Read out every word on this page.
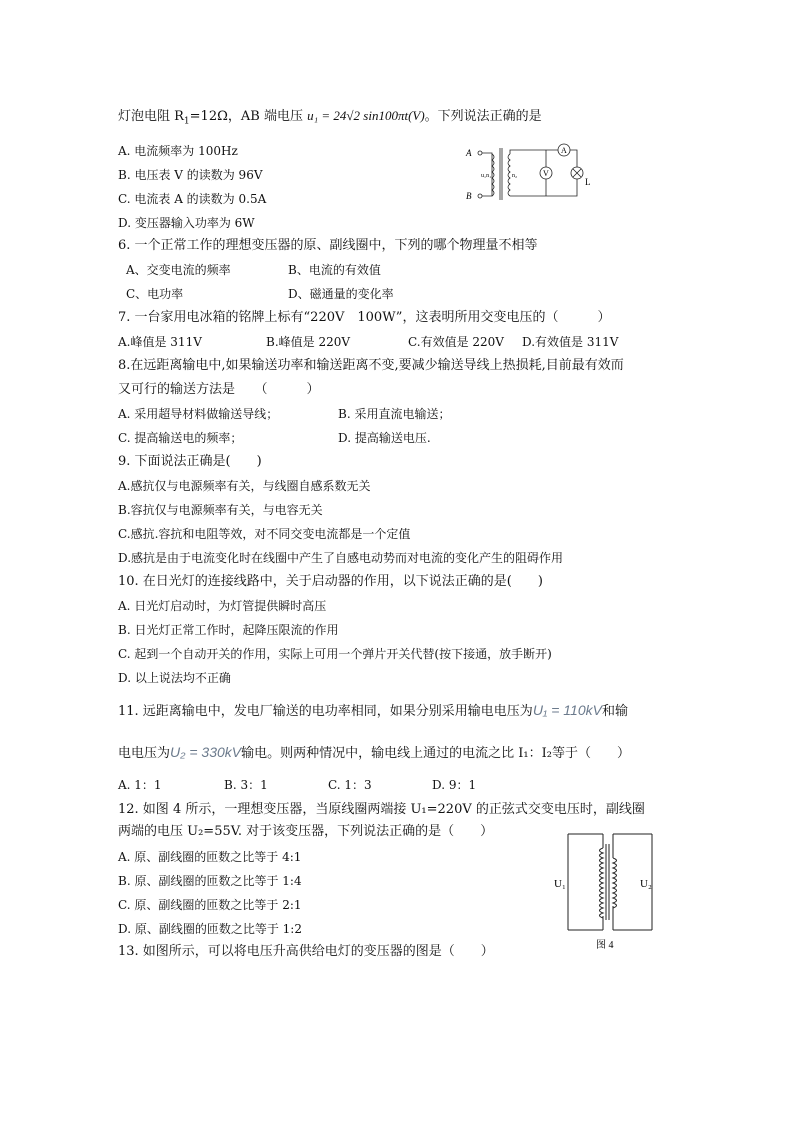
灯泡电阻 $R_1=12\Omega$，AB 端电压 u₁ = 24√2 sin100πt(V)。下列说法正确的是
A. 电流频率为 100Hz
B. 电压表 V 的读数为 96V
C. 电流表 A 的读数为 0.5A
D. 变压器输入功率为 6W
A
B
u₁n₁	n₂
A
V
L
6. 一个正常工作的理想变压器的原、副线圈中，下列的哪个物理量不相等
A、交变电流的频率	B、电流的有效值
C、电功率	D、磁通量的变化率
7. 一台家用电冰箱的铭牌上标有“220V　100W”，这表明所用交变电压的（　　　）
A.峰值是 311V	B.峰值是 220V	C.有效值是 220V D.有效值是 311V
8.在远距离输电中,如果输送功率和输送距离不变,要减少输送导线上热损耗,目前最有效而
又可行的输送方法是　　（　　　）
A. 采用超导材料做输送导线；	B. 采用直流电输送；
C. 提高输送电的频率；	D. 提高输送电压.
9. 下面说法正确是(　　)
A.感抗仅与电源频率有关，与线圈自感系数无关
B.容抗仅与电源频率有关，与电容无关
C.感抗.容抗和电阻等效，对不同交变电流都是一个定值
D.感抗是由于电流变化时在线圈中产生了自感电动势而对电流的变化产生的阻碍作用
10. 在日光灯的连接线路中，关于启动器的作用，以下说法正确的是(　　)
A. 日光灯启动时，为灯管提供瞬时高压
B. 日光灯正常工作时，起降压限流的作用
C. 起到一个自动开关的作用，实际上可用一个弹片开关代替(按下接通，放手断开)
D. 以上说法均不正确
11. 远距离输电中，发电厂输送的电功率相同，如果分别采用输电电压为U₁ = 110kV和输
电电压为U₂ = 330kV输电。则两种情况中，输电线上通过的电流之比 I₁：I₂等于（　　）
A. 1：1	B. 3：1	C. 1：3	D. 9：1
12. 如图 4 所示，一理想变压器，当原线圈两端接 U₁=220V 的正弦式交变电压时，副线圈
两端的电压 U₂=55V. 对于该变压器，下列说法正确的是（　　）
A. 原、副线圈的匝数之比等于 4:1
B. 原、副线圈的匝数之比等于 1:4
C. 原、副线圈的匝数之比等于 2:1
D. 原、副线圈的匝数之比等于 1:2
U₁	U₂
图 4
13. 如图所示，可以将电压升高供给电灯的变压器的图是（　　）
